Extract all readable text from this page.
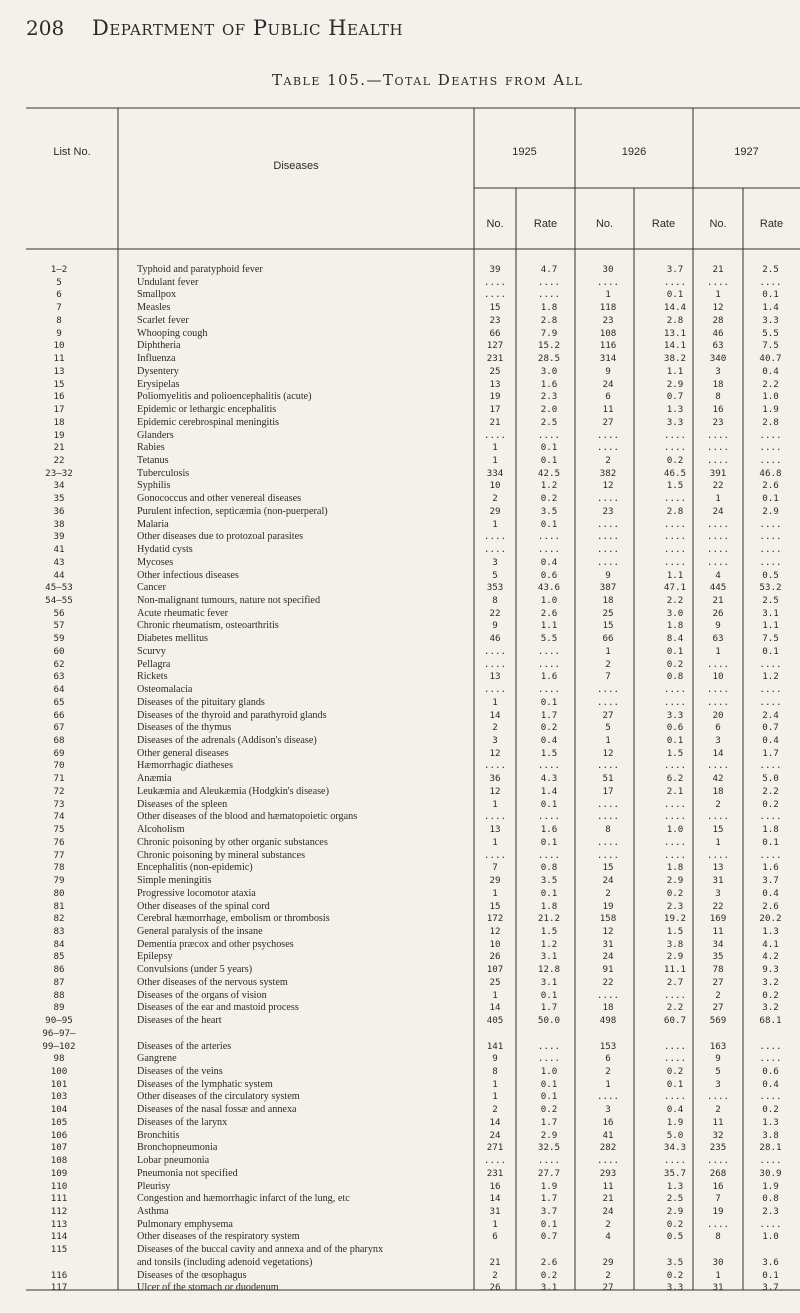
208 Department of Public Health
Table 105.—Total Deaths from All
List No.
Diseases
1925	1926	1927
No.	Rate	No.	Rate	No.	Rate
1–2	Typhoid and paratyphoid fever	39	4.7	30	3.7	21	2.5
5	Undulant fever	....	....	....	....	....	....
6	Smallpox	....	....	1	0.1	1	0.1
7	Measles	15	1.8	118	14.4	12	1.4
8	Scarlet fever	23	2.8	23	2.8	28	3.3
9	Whooping cough	66	7.9	108	13.1	46	5.5
10	Diphtheria	127	15.2	116	14.1	63	7.5
11	Influenza	231	28.5	314	38.2	340	40.7
13	Dysentery	25	3.0	9	1.1	3	0.4
15	Erysipelas	13	1.6	24	2.9	18	2.2
16	Poliomyelitis and polioencephalitis (acute)	19	2.3	6	0.7	8	1.0
17	Epidemic or lethargic encephalitis	17	2.0	11	1.3	16	1.9
18	Epidemic cerebrospinal meningitis	21	2.5	27	3.3	23	2.8
19	Glanders	....	....	....	....	....	....
21	Rabies	1	0.1	....	....	....	....
22	Tetanus	1	0.1	2	0.2	....	....
23–32	Tuberculosis	334	42.5	382	46.5	391	46.8
34	Syphilis	10	1.2	12	1.5	22	2.6
35	Gonococcus and other venereal diseases	2	0.2	....	....	1	0.1
36	Purulent infection, septicæmia (non-puerperal)	29	3.5	23	2.8	24	2.9
38	Malaria	1	0.1	....	....	....	....
39	Other diseases due to protozoal parasites	....	....	....	....	....	....
41	Hydatid cysts	....	....	....	....	....	....
43	Mycoses	3	0.4	....	....	....	....
44	Other infectious diseases	5	0.6	9	1.1	4	0.5
45–53	Cancer	353	43.6	387	47.1	445	53.2
54–55	Non-malignant tumours, nature not specified	8	1.0	18	2.2	21	2.5
56	Acute rheumatic fever	22	2.6	25	3.0	26	3.1
57	Chronic rheumatism, osteoarthritis	9	1.1	15	1.8	9	1.1
59	Diabetes mellitus	46	5.5	66	8.4	63	7.5
60	Scurvy	....	....	1	0.1	1	0.1
62	Pellagra	....	....	2	0.2	....	....
63	Rickets	13	1.6	7	0.8	10	1.2
64	Osteomalacia	....	....	....	....	....	....
65	Diseases of the pituitary glands	1	0.1	....	....	....	....
66	Diseases of the thyroid and parathyroid glands	14	1.7	27	3.3	20	2.4
67	Diseases of the thymus	2	0.2	5	0.6	6	0.7
68	Diseases of the adrenals (Addison's disease)	3	0.4	1	0.1	3	0.4
69	Other general diseases	12	1.5	12	1.5	14	1.7
70	Hæmorrhagic diatheses	....	....	....	....	....	....
71	Anæmia	36	4.3	51	6.2	42	5.0
72	Leukæmia and Aleukæmia (Hodgkin's disease)	12	1.4	17	2.1	18	2.2
73	Diseases of the spleen	1	0.1	....	....	2	0.2
74	Other diseases of the blood and hæmatopoietic organs	....	....	....	....	....	....
75	Alcoholism	13	1.6	8	1.0	15	1.8
76	Chronic poisoning by other organic substances	1	0.1	....	....	1	0.1
77	Chronic poisoning by mineral substances	....	....	....	....	....	....
78	Encephalitis (non-epidemic)	7	0.8	15	1.8	13	1.6
79	Simple meningitis	29	3.5	24	2.9	31	3.7
80	Progressive locomotor ataxia	1	0.1	2	0.2	3	0.4
81	Other diseases of the spinal cord	15	1.8	19	2.3	22	2.6
82	Cerebral hæmorrhage, embolism or thrombosis	172	21.2	158	19.2	169	20.2
83	General paralysis of the insane	12	1.5	12	1.5	11	1.3
84	Dementia præcox and other psychoses	10	1.2	31	3.8	34	4.1
85	Epilepsy	26	3.1	24	2.9	35	4.2
86	Convulsions (under 5 years)	107	12.8	91	11.1	78	9.3
87	Other diseases of the nervous system	25	3.1	22	2.7	27	3.2
88	Diseases of the organs of vision	1	0.1	....	....	2	0.2
89	Diseases of the ear and mastoid process	14	1.7	18	2.2	27	3.2
90–95	Diseases of the heart	405	50.0	498	60.7	569	68.1
96–97–
99–102	Diseases of the arteries	141	....	153	....	163	....
98	Gangrene	9	....	6	....	9	....
100	Diseases of the veins	8	1.0	2	0.2	5	0.6
101	Diseases of the lymphatic system	1	0.1	1	0.1	3	0.4
103	Other diseases of the circulatory system	1	0.1	....	....	....	....
104	Diseases of the nasal fossæ and annexa	2	0.2	3	0.4	2	0.2
105	Diseases of the larynx	14	1.7	16	1.9	11	1.3
106	Bronchitis	24	2.9	41	5.0	32	3.8
107	Bronchopneumonia	271	32.5	282	34.3	235	28.1
108	Lobar pneumonia	....	....	....	....	....	....
109	Pneumonia not specified	231	27.7	293	35.7	268	30.9
110	Pleurisy	16	1.9	11	1.3	16	1.9
111	Congestion and hæmorrhagic infarct of the lung, etc	14	1.7	21	2.5	7	0.8
112	Asthma	31	3.7	24	2.9	19	2.3
113	Pulmonary emphysema	1	0.1	2	0.2	....	....
114	Other diseases of the respiratory system	6	0.7	4	0.5	8	1.0
115	Diseases of the buccal cavity and annexa and of the pharynx
and tonsils (including adenoid vegetations)	21	2.6	29	3.5	30	3.6
116	Diseases of the œsophagus	2	0.2	2	0.2	1	0.1
117	Ulcer of the stomach or duodenum	26	3.1	27	3.3	31	3.7
